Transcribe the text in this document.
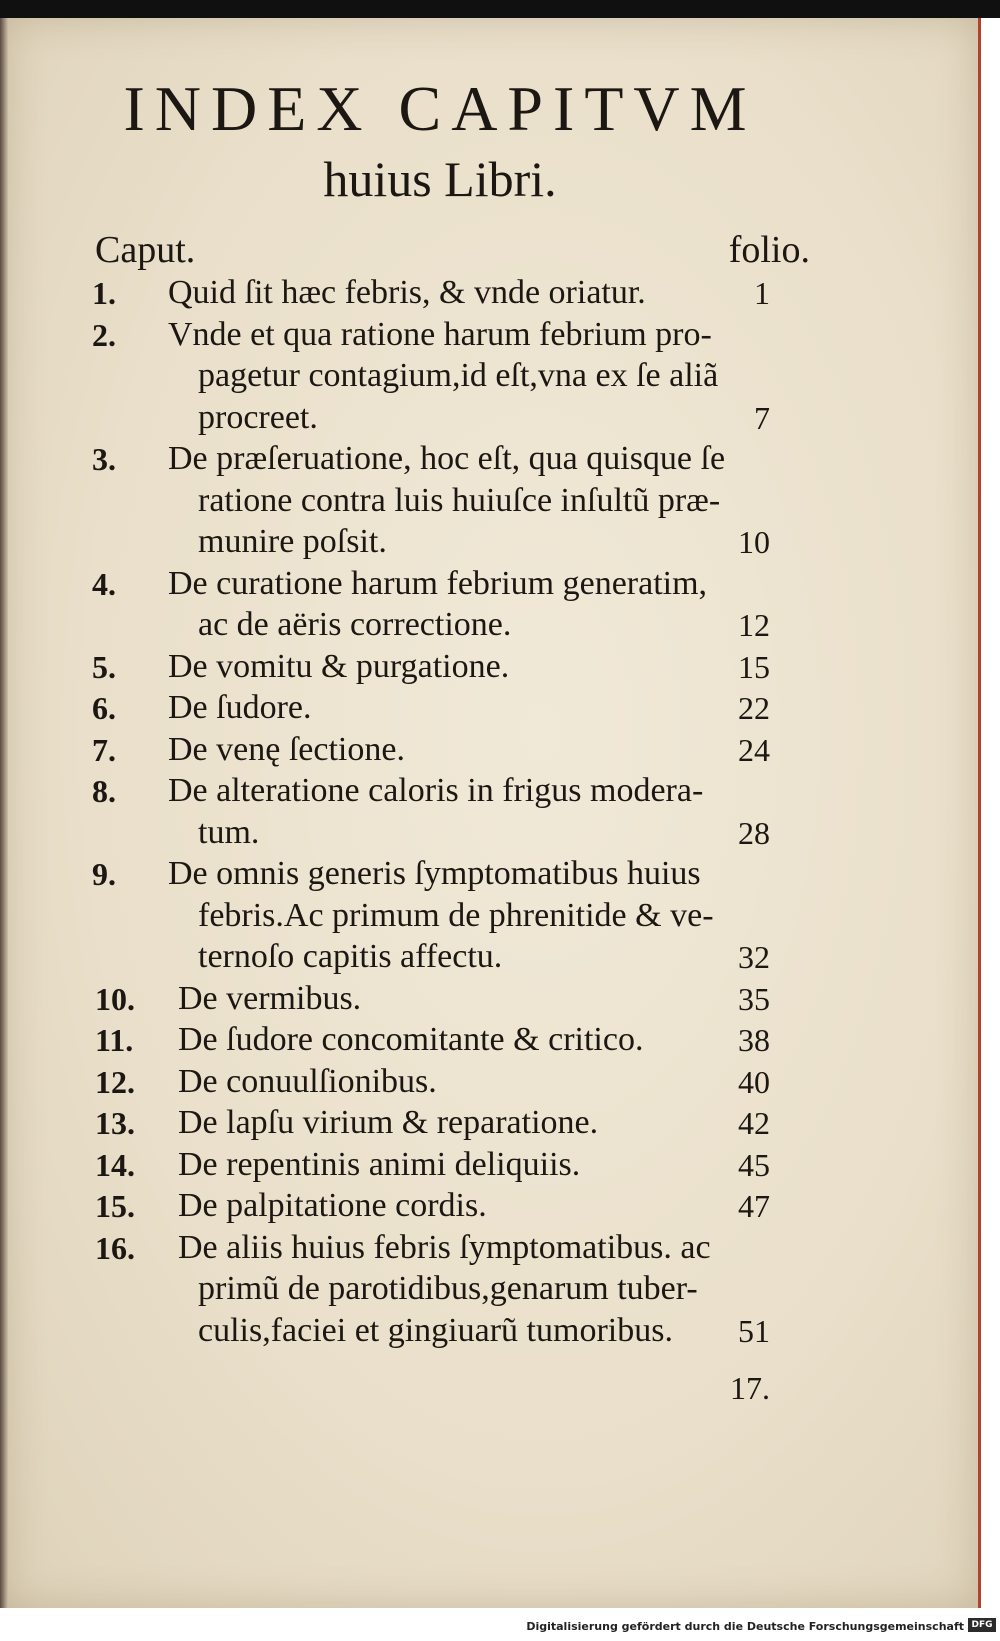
INDEX CAPITVM
huius Libri.
Caput.	folio.
1. Quid ſit hæc febris, & vnde oriatur.	1
2. Vnde et qua ratione harum febrium pro-
pagetur contagium,id eſt,vna ex ſe aliã
procreet.	7
3. De præſeruatione, hoc eſt, qua quisque ſe
ratione contra luis huiuſce inſultũ præ-
munire poſsit.	10
4. De curatione harum febrium generatim,
ac de aëris correctione.	12
5. De vomitu & purgatione.	15
6. De ſudore.	22
7. De venę ſectione.	24
8. De alteratione caloris in frigus modera-
tum.	28
9. De omnis generis ſymptomatibus huius
febris.Ac primum de phrenitide & ve-
ternoſo capitis affectu.	32
10. De vermibus.	35
11. De ſudore concomitante & critico.	38
12. De conuulſionibus.	40
13. De lapſu virium & reparatione.	42
14. De repentinis animi deliquiis.	45
15. De palpitatione cordis.	47
16. De aliis huius febris ſymptomatibus. ac
primũ de parotidibus,genarum tuber-
culis,faciei et gingiuarũ tumoribus.	51
17.
Digitalisierung gefördert durch die Deutsche Forschungsgemeinschaft DFG
